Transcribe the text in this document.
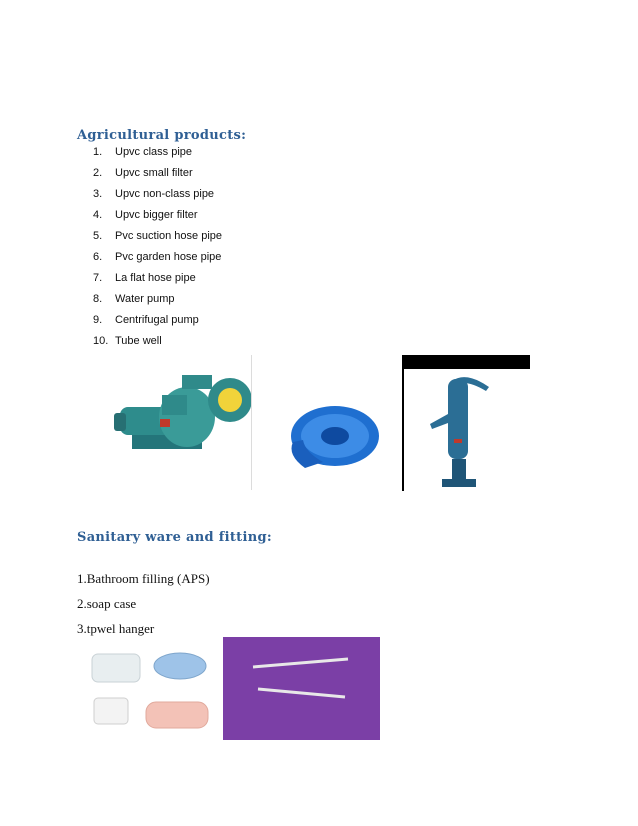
Agricultural products:
1.	Upvc class pipe
2.	Upvc small filter
3.	Upvc non-class pipe
4.	Upvc bigger filter
5.	Pvc suction hose pipe
6.	Pvc garden hose pipe
7.	La flat hose pipe
8.	Water pump
9.	Centrifugal pump
10. Tube well
Sanitary ware and fitting:
1.Bathroom filling (APS)
2.soap case
3.tpwel hanger
